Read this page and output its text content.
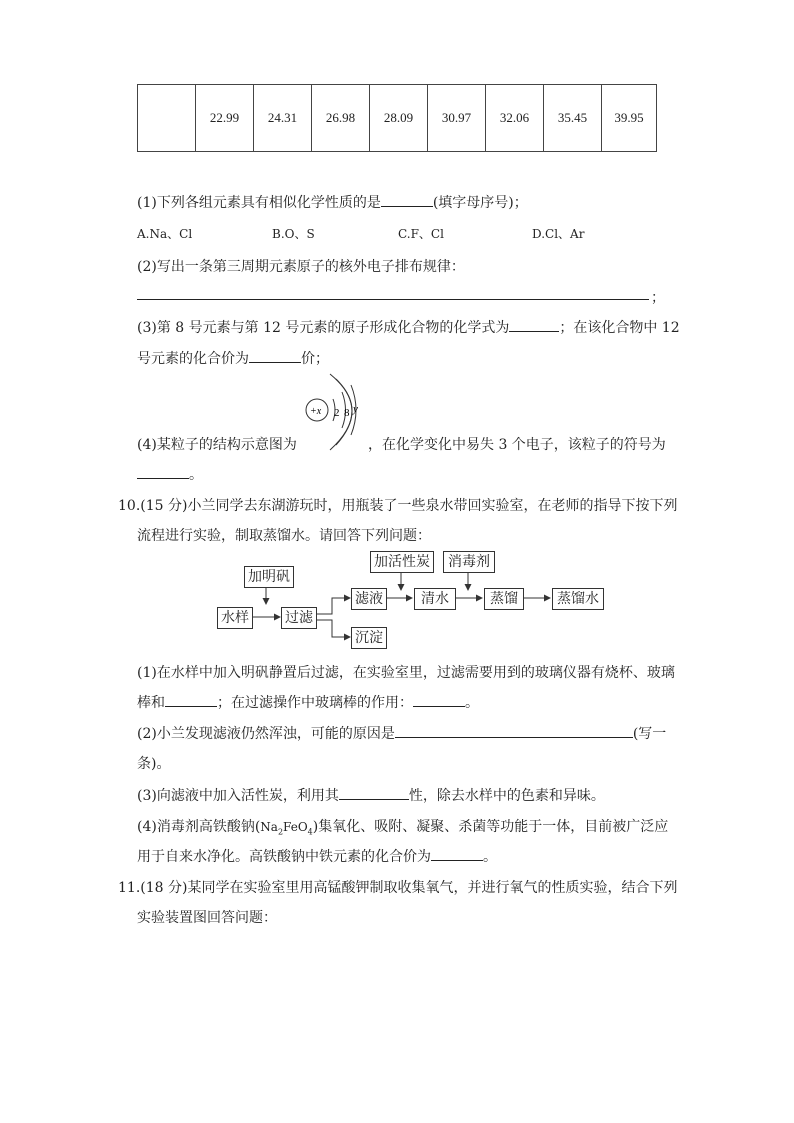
	22.99	24.31	26.98	28.09	30.97	32.06	35.45	39.95
(1)下列各组元素具有相似化学性质的是	(填字母序号)；
A.Na、Cl	B.O、S	C.F、Cl	D.Cl、Ar
(2)写出一条第三周期元素原子的核外电子排布规律：
；
(3)第 8 号元素与第 12 号元素的原子形成化合物的化学式为	；在该化合物中 12
号元素的化合价为	价；
+x 2 8 y
(4)某粒子的结构示意图为	，在化学变化中易失 3 个电子，该粒子的符号为
。
10.(15 分)小兰同学去东湖游玩时，用瓶装了一些泉水带回实验室，在老师的指导下按下列
流程进行实验，制取蒸馏水。请回答下列问题：
加明矾
水样	过滤
滤液
沉淀
加活性炭	消毒剂
清水	蒸馏	蒸馏水
(1)在水样中加入明矾静置后过滤，在实验室里，过滤需要用到的玻璃仪器有烧杯、玻璃
棒和	；在过滤操作中玻璃棒的作用：	。
(2)小兰发现滤液仍然浑浊，可能的原因是	(写一
条)。
(3)向滤液中加入活性炭，利用其	性，除去水样中的色素和异味。
(4)消毒剂高铁酸钠$(Na_2FeO_4)$集氧化、吸附、凝聚、杀菌等功能于一体，目前被广泛应
用于自来水净化。高铁酸钠中铁元素的化合价为	。
11.(18 分)某同学在实验室里用高锰酸钾制取收集氧气，并进行氧气的性质实验，结合下列
实验装置图回答问题：
